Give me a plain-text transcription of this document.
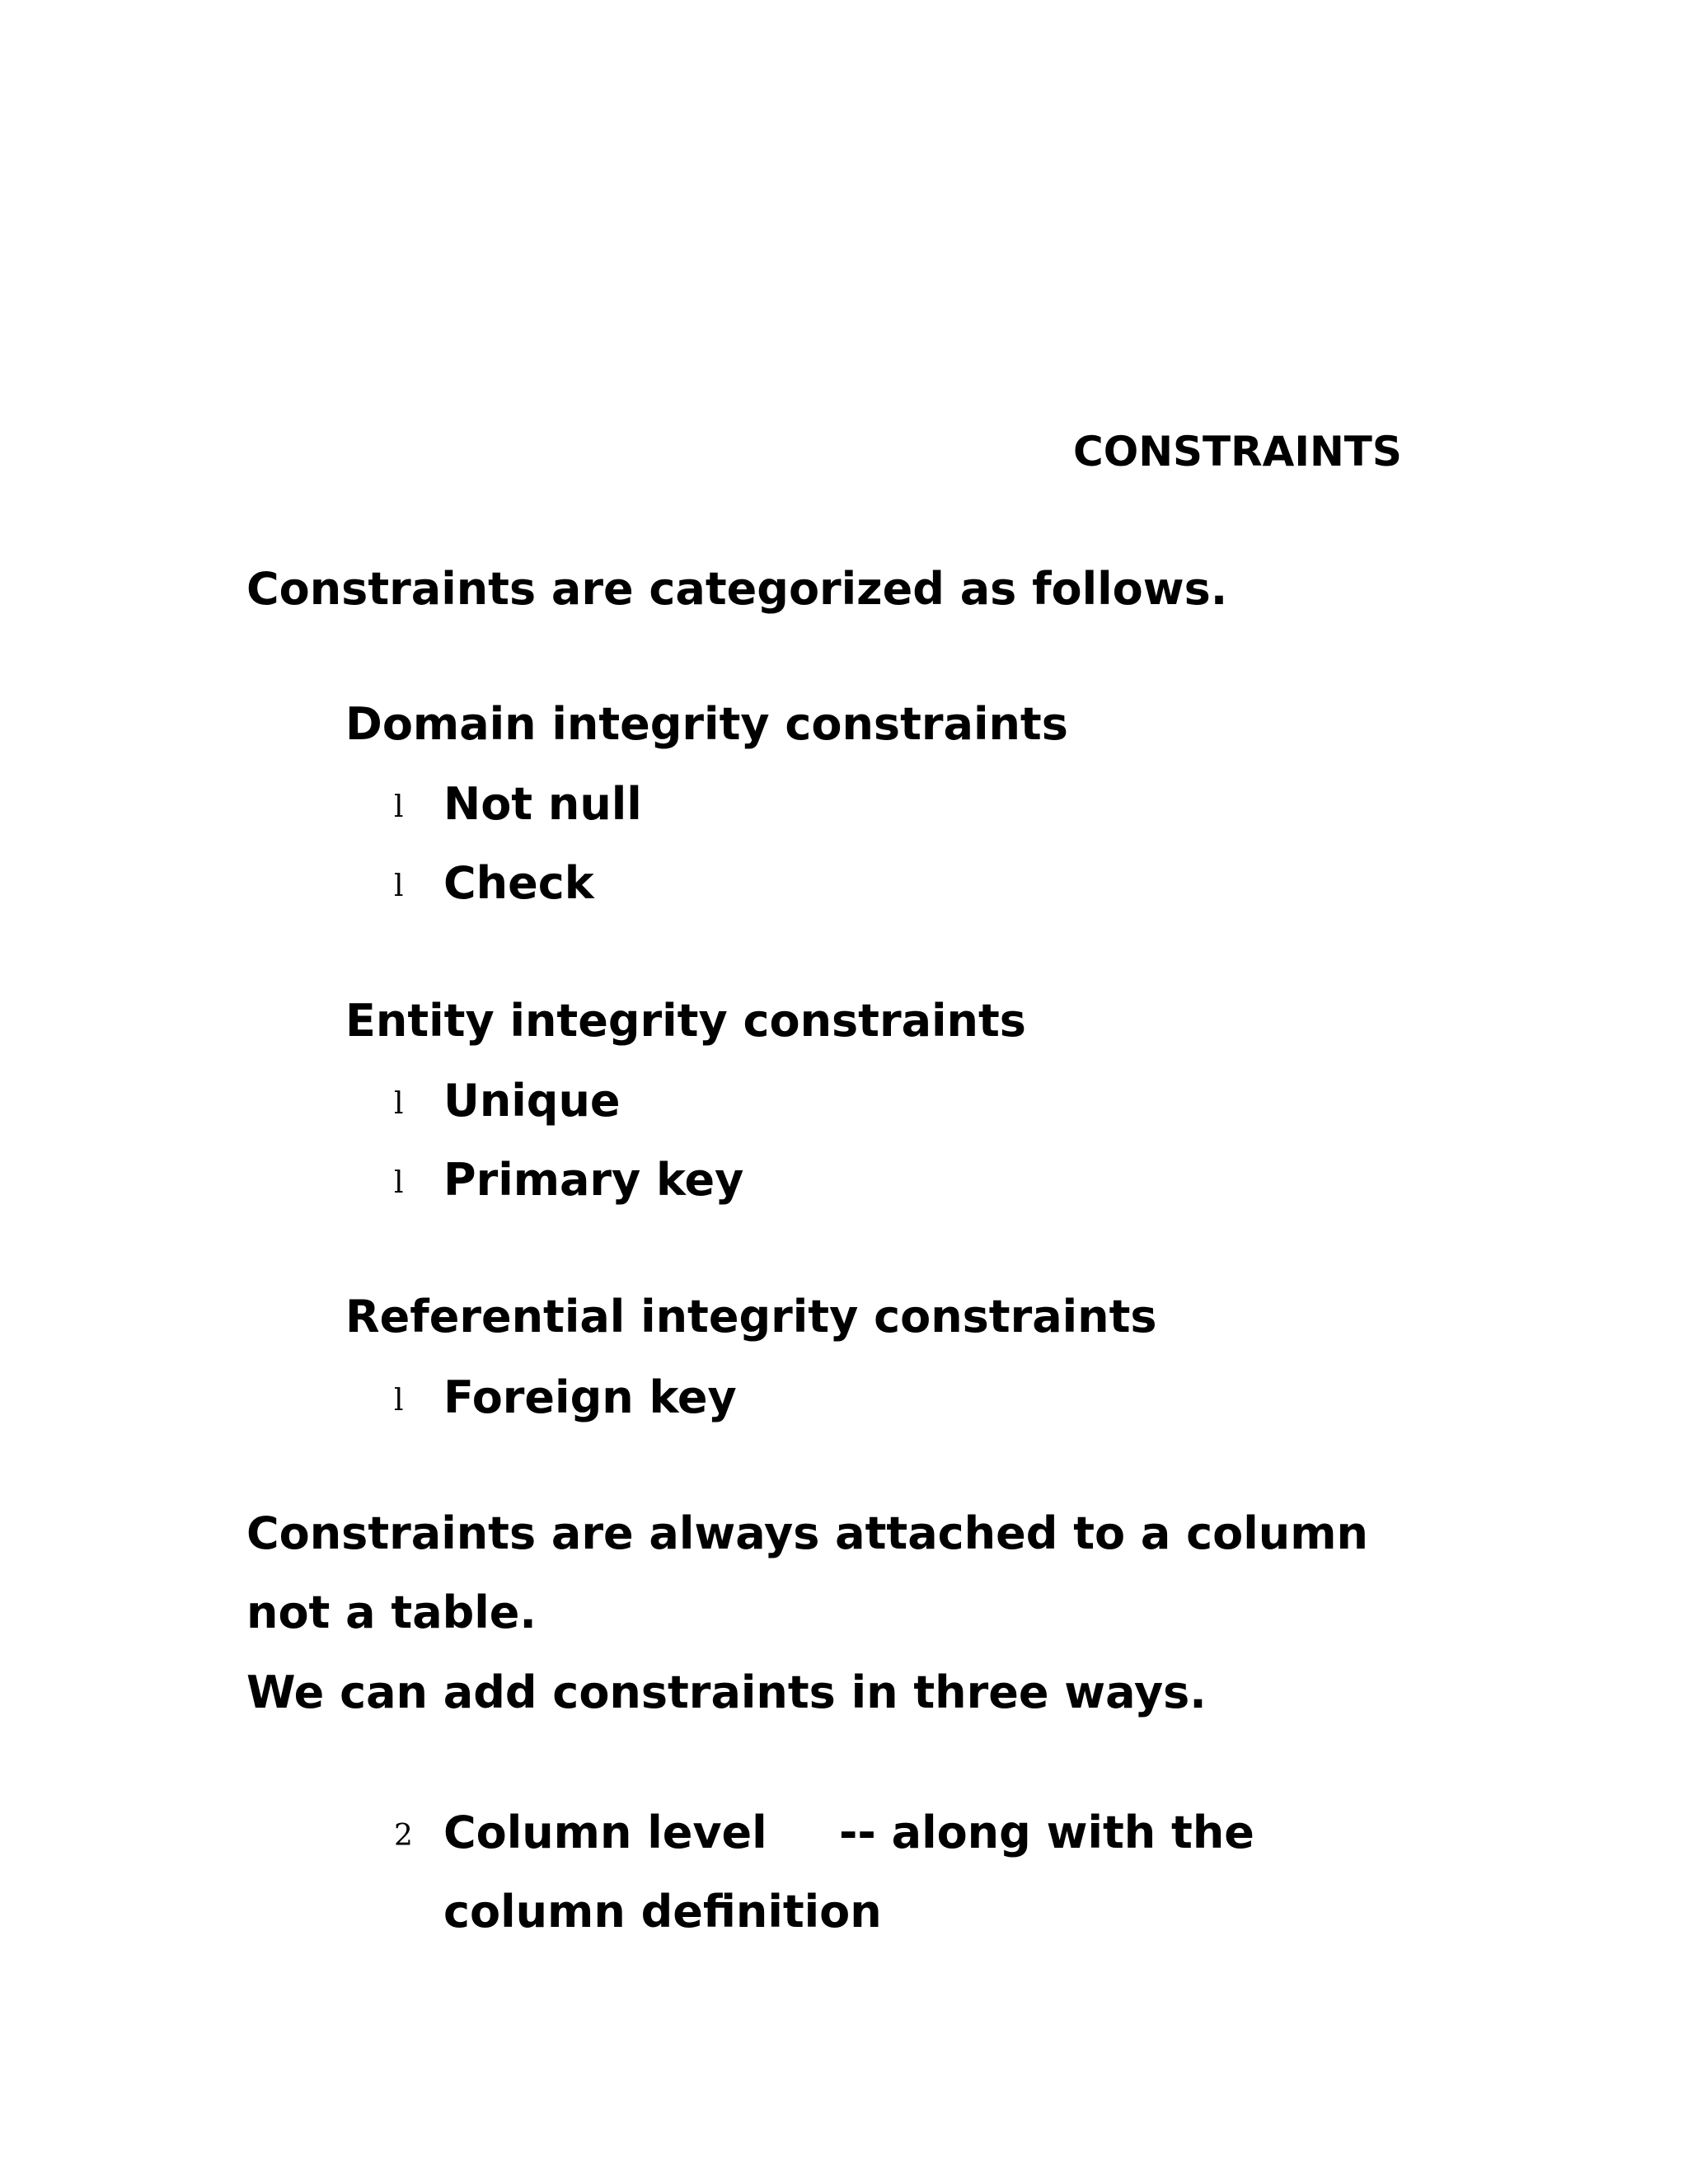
CONSTRAINTS
Constraints are categorized as follows.
Domain integrity constraints
l Not null
l Check
Entity integrity constraints
l Unique
l Primary key
Referential integrity constraints
l Foreign key
Constraints are always attached to a column
not a table.
We can add constraints in three ways.
2 Column level -- along with the
column definition
